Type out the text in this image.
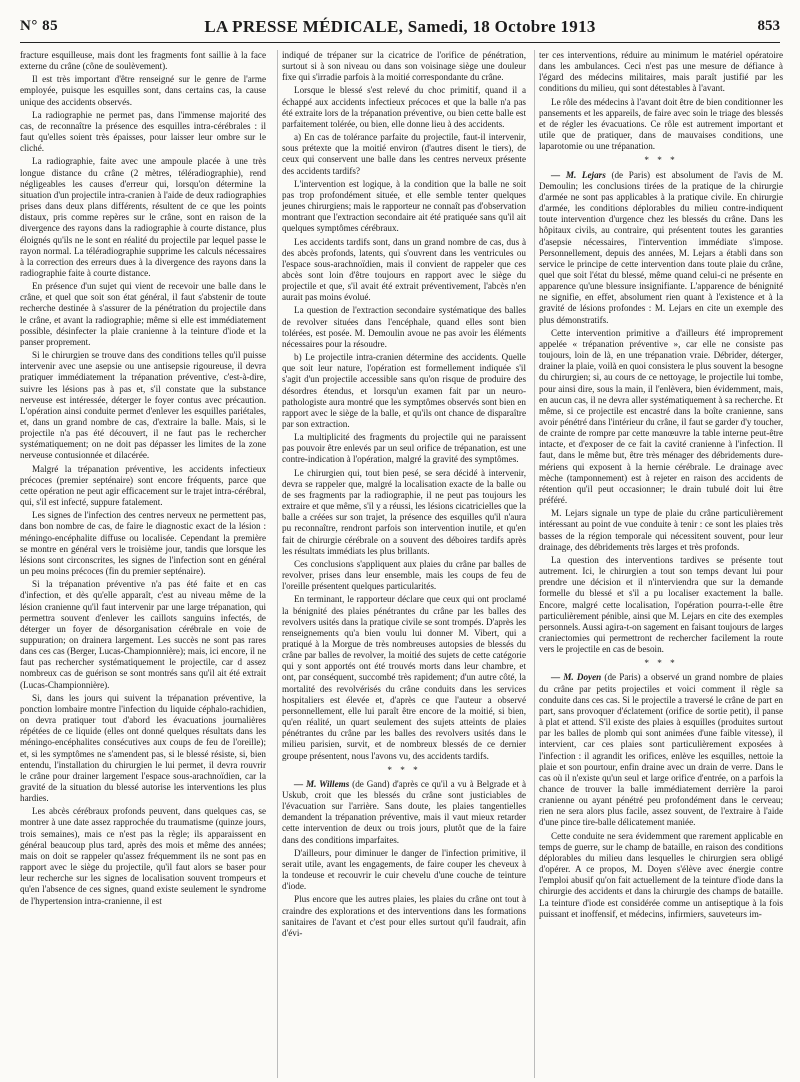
N° 85	LA PRESSE MÉDICALE, Samedi, 18 Octobre 1913	853

fracture esquilleuse, mais dont les fragments font saillie à la face externe du crâne (cône de soulèvement).

Il est très important d'être renseigné sur le genre de l'arme employée, puisque les esquilles sont, dans certains cas, la cause unique des accidents observés.

La radiographie ne permet pas, dans l'immense majorité des cas, de reconnaître la présence des esquilles intra-cérébrales : il faut qu'elles soient très épaisses, pour laisser leur ombre sur le cliché.

La radiographie, faite avec une ampoule placée à une très longue distance du crâne (2 mètres, téléradiographie), rend négligeables les causes d'erreur qui, lorsqu'on détermine la situation d'un projectile intra-cranien à l'aide de deux radiographies prises dans deux plans différents, résultent de ce que les points distaux, pris comme repères sur le crâne, sont en raison de la divergence des rayons dans la radiographie à courte distance, plus éloignés qu'ils ne le sont en réalité du projectile par lequel passe le rayon normal. La téléradiographie supprime les calculs nécessaires à la correction des erreurs dues à la divergence des rayons dans la radiographie faite à courte distance.

En présence d'un sujet qui vient de recevoir une balle dans le crâne, et quel que soit son état général, il faut s'abstenir de toute recherche destinée à s'assurer de la pénétration du projectile dans le crâne, et avant la radiographie; même si elle est immédiatement possible, désinfecter la plaie cranienne à la teinture d'iode et la panser proprement.

Si le chirurgien se trouve dans des conditions telles qu'il puisse intervenir avec une asepsie ou une antisepsie rigoureuse, il devra pratiquer immédiatement la trépanation préventive, c'est-à-dire, suivre les lésions pas à pas et, s'il constate que la substance nerveuse est intéressée, déterger le foyer contus avec précaution. L'opération ainsi conduite permet d'enlever les esquilles pariétales, et, dans un grand nombre de cas, d'extraire la balle. Mais, si le projectile n'a pas été découvert, il ne faut pas le rechercher systématiquement; on ne doit pas dépasser les limites de la zone nerveuse contusionnée et dilacérée.

Malgré la trépanation préventive, les accidents infectieux précoces (premier septénaire) sont encore fréquents, parce que cette opération ne peut agir efficacement sur le trajet intra-cérébral, qui, s'il est infecté, suppure fatalement.

Les signes de l'infection des centres nerveux ne permettent pas, dans bon nombre de cas, de faire le diagnostic exact de la lésion : méningo-encéphalite diffuse ou localisée. Cependant la première se montre en général vers le troisième jour, tandis que lorsque les lésions sont circonscrites, les signes de l'infection sont en général un peu moins précoces (fin du premier septénaire).

Si la trépanation préventive n'a pas été faite et en cas d'infection, et dès qu'elle apparaît, c'est au niveau même de la lésion cranienne qu'il faut intervenir par une large trépanation, qui permettra souvent d'enlever les caillots sanguins infectés, de déterger un foyer de désorganisation cérébrale en voie de suppuration; on drainera largement. Les succès ne sont pas rares dans ces cas (Berger, Lucas-Championnière); mais, ici encore, il ne faut pas rechercher systématiquement le projectile, car d assez nombreux cas de guérison se sont montrés sans qu'il ait été extrait (Lucas-Championnière).

Si, dans les jours qui suivent la trépanation préventive, la ponction lombaire montre l'infection du liquide céphalo-rachidien, on devra pratiquer tout d'abord les évacuations journalières répétées de ce liquide (elles ont donné quelques résultats dans les méningo-encéphalites consécutives aux coups de feu de l'oreille); et, si les symptômes ne s'amendent pas, si le blessé résiste, si, bien entendu, l'installation du chirurgien le lui permet, il devra rouvrir le crâne pour drainer largement l'espace sous-arachnoïdien, car la gravité de la situation du blessé autorise les interventions les plus hardies.

Les abcès cérébraux profonds peuvent, dans quelques cas, se montrer à une date assez rapprochée du traumatisme (quinze jours, trois semaines), mais ce n'est pas la règle; ils apparaissent en général beaucoup plus tard, après des mois et même des années; mais on doit se rappeler qu'assez fréquemment ils ne sont pas en rapport avec le siège du projectile, qu'il faut alors se baser pour leur recherche sur les signes de localisation souvent trompeurs et qu'en l'absence de ces signes, quand existe seulement le syndrome de l'hypertension intra-cranienne, il est

indiqué de trépaner sur la cicatrice de l'orifice de pénétration, surtout si à son niveau ou dans son voisinage siège une douleur fixe qui s'irradie parfois à la moitié correspondante du crâne.

Lorsque le blessé s'est relevé du choc primitif, quand il a échappé aux accidents infectieux précoces et que la balle n'a pas été extraite lors de la trépanation préventive, ou bien cette balle est parfaitement tolérée, ou bien, elle donne lieu à des accidents.

a) En cas de tolérance parfaite du projectile, faut-il intervenir, sous prétexte que la moitié environ (d'autres disent le tiers), de ceux qui conservent une balle dans les centres nerveux présente des accidents tardifs?

L'intervention est logique, à la condition que la balle ne soit pas trop profondément située, et elle semble tenter quelques jeunes chirurgiens; mais le rapporteur ne connaît pas d'observation montrant que l'extraction secondaire ait été pratiquée sans qu'il ait quelques symptômes cérébraux.

Les accidents tardifs sont, dans un grand nombre de cas, dus à des abcès profonds, latents, qui s'ouvrent dans les ventricules ou l'espace sous-arachnoïdien, mais il convient de rappeler que ces abcès sont loin d'être toujours en rapport avec le siège du projectile et que, s'il avait été extrait préventivement, l'abcès n'en aurait pas moins évolué.

La question de l'extraction secondaire systématique des balles de revolver situées dans l'encéphale, quand elles sont bien tolérées, est posée. M. Demoulin avoue ne pas avoir les éléments nécessaires pour la résoudre.

b) Le projectile intra-cranien détermine des accidents. Quelle que soit leur nature, l'opération est formellement indiquée s'il s'agit d'un projectile accessible sans qu'on risque de produire des désordres étendus, et lorsqu'un examen fait par un neuro-pathologiste aura montré que les symptômes observés sont bien en rapport avec le siège de la balle, et qu'ils ont chance de disparaître par son extraction.

La multiplicité des fragments du projectile qui ne paraissent pas pouvoir être enlevés par un seul orifice de trépanation, est une contre-indication à l'opération, malgré la gravité des symptômes.

Le chirurgien qui, tout bien pesé, se sera décidé à intervenir, devra se rappeler que, malgré la localisation exacte de la balle ou de ses fragments par la radiographie, il ne peut pas toujours les extraire et que même, s'il y a réussi, les lésions cicatricielles que la balle a créées sur son trajet, la présence des esquilles qu'il n'aura pu reconnaître, rendront parfois son intervention inutile, et qu'en fait de chirurgie cérébrale on a souvent des déboires tardifs après les résultats immédiats les plus brillants.

Ces conclusions s'appliquent aux plaies du crâne par balles de revolver, prises dans leur ensemble, mais les coups de feu de l'oreille présentent quelques particularités.

En terminant, le rapporteur déclare que ceux qui ont proclamé la bénignité des plaies pénétrantes du crâne par les balles des revolvers usités dans la pratique civile se sont trompés. D'après les renseignements qu'a bien voulu lui donner M. Vibert, qui a pratiqué à la Morgue de très nombreuses autopsies de blessés du crâne par balles de revolver, la moitié des sujets de cette catégorie qui y sont apportés ont été trouvés morts dans leur chambre, et ont, par conséquent, succombé très rapidement; d'un autre côté, la mortalité des revolvérisés du crâne conduits dans les services hospitaliers est élevée et, d'après ce que l'auteur a observé personnellement, elle lui paraît être encore de la moitié, si bien, qu'en réalité, un quart seulement des sujets atteints de plaies pénétrantes du crâne par les balles des revolvers usités dans le milieu parisien, survit, et de nombreux blessés de ce dernier groupe présentent, nous l'avons vu, des accidents tardifs.

* * *

— M. Willems (de Gand) d'après ce qu'il a vu à Belgrade et à Uskub, croit que les blessés du crâne sont justiciables de l'évacuation sur l'arrière. Sans doute, les plaies tangentielles demandent la trépanation préventive, mais il vaut mieux retarder cette intervention de deux ou trois jours, plutôt que de la faire dans des conditions imparfaites.

D'ailleurs, pour diminuer le danger de l'infection primitive, il serait utile, avant les engagements, de faire couper les cheveux à la tondeuse et recouvrir le cuir chevelu d'une couche de teinture d'iode.

Plus encore que les autres plaies, les plaies du crâne ont tout à craindre des explorations et des interventions dans les formations sanitaires de l'avant et c'est pour elles surtout qu'il faudrait, afin d'évi-

ter ces interventions, réduire au minimum le matériel opératoire dans les ambulances. Ceci n'est pas une mesure de défiance à l'égard des médecins militaires, mais paraît justifié par les conditions du milieu, qui sont détestables à l'avant.

Le rôle des médecins à l'avant doit être de bien conditionner les pansements et les appareils, de faire avec soin le triage des blessés et de régler les évacuations. Ce rôle est autrement important et utile que de pratiquer, dans de mauvaises conditions, une laparotomie ou une trépanation.

* * *

— M. Lejars (de Paris) est absolument de l'avis de M. Demoulin; les conclusions tirées de la pratique de la chirurgie d'armée ne sont pas applicables à la pratique civile. En chirurgie d'armée, les conditions déplorables du milieu contre-indiquent toute intervention d'urgence chez les blessés du crâne. Dans les hôpitaux civils, au contraire, qui présentent toutes les garanties d'asepsie nécessaires, l'intervention immédiate s'impose. Personnellement, depuis des années, M. Lejars a établi dans son service le principe de cette intervention dans toute plaie du crâne, quel que soit l'état du blessé, même quand celui-ci ne présente en apparence qu'une blessure insignifiante. L'apparence de bénignité ne signifie, en effet, absolument rien quant à l'existence et à la gravité de lésions profondes : M. Lejars en cite un exemple des plus démonstratifs.

Cette intervention primitive a d'ailleurs été improprement appelée « trépanation préventive », car elle ne consiste pas toujours, loin de là, en une trépanation vraie. Débrider, déterger, drainer la plaie, voilà en quoi consistera le plus souvent la besogne du chirurgien; si, au cours de ce nettoyage, le projectile lui tombe, pour ainsi dire, sous la main, il l'enlèvera, bien évidemment, mais, en aucun cas, il ne devra aller systématiquement à sa recherche. Et même, si ce projectile est encastré dans la boîte cranienne, sans avoir pénétré dans l'intérieur du crâne, il faut se garder d'y toucher, de crainte de rompre par cette manœuvre la table interne peut-être intacte, et d'exposer de ce fait la cavité cranienne à l'infection. Il faut, dans le même but, être très ménager des débridements dure-mériens qui exposent à la hernie cérébrale. Le drainage avec mèche (tamponnement) est à rejeter en raison des accidents de rétention qu'il peut occasionner; le drain tubulé doit lui être préféré.

M. Lejars signale un type de plaie du crâne particulièrement intéressant au point de vue conduite à tenir : ce sont les plaies très basses de la région temporale qui nécessitent souvent, pour leur drainage, des débridements très larges et très profonds.

La question des interventions tardives se présente tout autrement. Ici, le chirurgien a tout son temps devant lui pour prendre une décision et il n'interviendra que sur la demande formelle du blessé et s'il a pu localiser exactement la balle. Encore, malgré cette localisation, l'opération pourra-t-elle être particulièrement pénible, ainsi que M. Lejars en cite des exemples personnels. Aussi agira-t-on sagement en faisant toujours de larges craniectomies qui permettront de rechercher facilement la route vers le projectile en cas de besoin.

* * *

— M. Doyen (de Paris) a observé un grand nombre de plaies du crâne par petits projectiles et voici comment il règle sa conduite dans ces cas. Si le projectile a traversé le crâne de part en part, sans provoquer d'éclatement (orifice de sortie petit), il panse à plat et attend. S'il existe des plaies à esquilles (produites surtout par les balles de plomb qui sont animées d'une faible vitesse), il intervient, car ces plaies sont particulièrement exposées à l'infection : il agrandit les orifices, enlève les esquilles, nettoie la plaie et son pourtour, enfin draine avec un drain de verre. Dans le cas où il n'existe qu'un seul et large orifice d'entrée, on a parfois la chance de trouver la balle immédiatement derrière la paroi cranienne ou ayant pénétré peu profondément dans le cerveau; rien ne sera alors plus facile, assez souvent, de l'extraire à l'aide d'une pince tire-balle délicatement maniée.

Cette conduite ne sera évidemment que rarement applicable en temps de guerre, sur le champ de bataille, en raison des conditions déplorables du milieu dans lesquelles le chirurgien sera obligé d'opérer. A ce propos, M. Doyen s'élève avec énergie contre l'emploi abusif qu'on fait actuellement de la teinture d'iode dans la chirurgie des accidents et dans la chirurgie des champs de bataille. La teinture d'iode est considérée comme un antiseptique à la fois puissant et inoffensif, et médecins, infirmiers, sauveteurs im-
